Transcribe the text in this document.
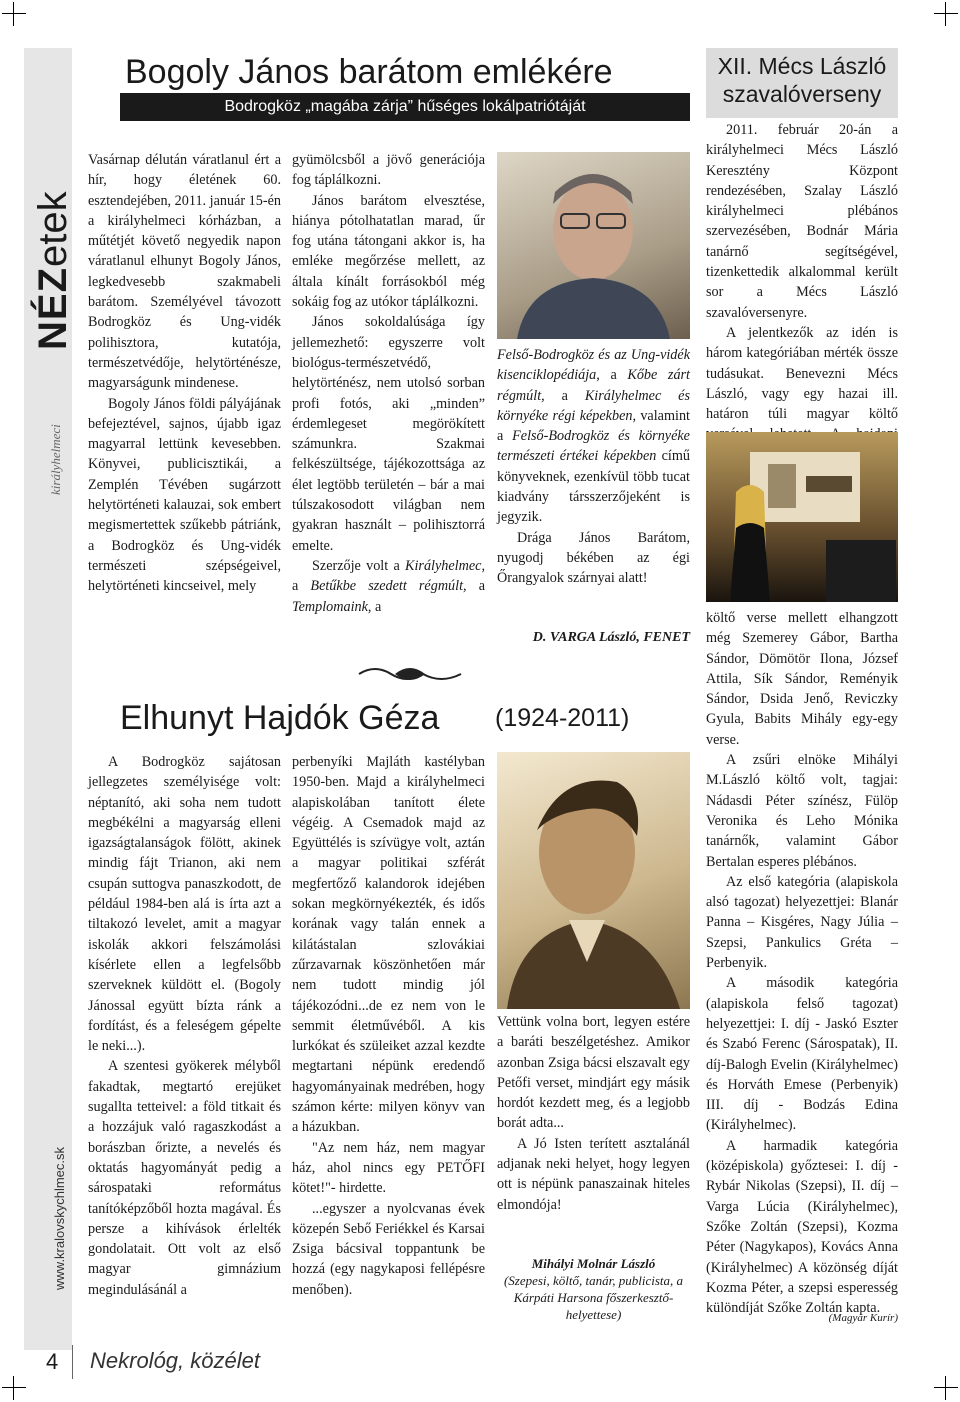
NÉZetek
királyhelmeci
www.kralovskychlmec.sk
Bogoly János barátom emlékére
Bodrogköz „magába zárja” hűséges lokálpatriótáját

Vasárnap délután váratlanul ért a hír, hogy életének 60. esztendejében, 2011. január 15-én a királyhelmeci kórházban, a műtétjét követő negyedik napon váratlanul elhunyt Bogoly János, legkedvesebb szakmabeli barátom. Személyével távozott Bodrogköz és Ung-vidék polihisztora, kutatója, természetvédője, helytörténésze, magyarságunk mindenese.

Bogoly János földi pályájának befejeztével, sajnos, újabb igaz magyarral lettünk kevesebben. Könyvei, publicisztikái, a Zemplén Tévében sugárzott helytörténeti kalauzai, sok embert megismertettek szűkebb pátriánk, a Bodrogköz és Ung-vidék természeti szépségeivel, helytörténeti kincseivel, mely

gyümölcsből a jövő generációja fog táplálkozni.

János barátom elvesztése, hiánya pótolhatatlan marad, űr fog utána tátongani akkor is, ha emléke megőrzése mellett, az általa kínált forrásokból még sokáig fog az utókor táplálkozni.

János sokoldalúsága így jellemezhető: egyszerre volt biológus-természetvédő, helytörténész, nem utolsó sorban profi fotós, aki „minden” érdemlegeset megörökített számunkra. Szakmai felkészültsége, tájékozottsága az élet legtöbb területén – bár a mai túlszakosodott világban nem gyakran használt – polihisztorrá emelte.

Szerzője volt a Királyhelmec, a Betűkbe szedett régmúlt, a Templomaink, a

Felső-Bodrogköz és az Ung-vidék kisenciklopédiája, a Kőbe zárt régmúlt, a Királyhelmec és környéke régi képekben, valamint a Felső-Bodrogköz és környéke természeti értékei képekben című könyveknek, ezenkívül több tucat kiadvány társszerzőjeként is jegyzik.

Drága János Barátom, nyugodj békében az égi Őrangyalok szárnyai alatt!

D. VARGA László, FENET
XII. Mécs László
szavalóverseny

2011. február 20-án a királyhelmeci Mécs László Keresztény Központ rendezésében, Szalay László királyhelmeci plébános szervezésében, Bodnár Mária tanárnő segítségével, tizenkettedik alkalommal került sor a Mécs László szavalóversenyre.

A jelentkezők az idén is három kategóriában mérték össze tudásukat. Benevezni Mécs László, vagy egy hazai ill. határon túli magyar költő

költő verse mellett elhangzott még Szemerey Gábor, Bartha Sándor, Dömötör Ilona, József Attila, Sík Sándor, Reményik Sándor, Dsida Jenő, Reviczky Gyula, Babits Mihály egy-egy verse.

A zsűri elnöke Mihályi M.László költő volt, tagjai: Nádasdi Péter színész, Fülöp Veronika és Leho Mónika tanárnők, valamint Gábor Bertalan esperes plébános.

Az első kategória (alapiskola alsó tagozat) helyezettjei: Blanár Panna – Kisgéres, Nagy Júlia – Szepsi, Pankulics Gréta – Perbenyik.

A második kategória (alapiskola felső tagozat) helyezettjei: I. díj - Jaskó Eszter és Szabó Ferenc (Sárospatak), II. díj-Balogh Evelin (Királyhelmec) és Horváth Emese (Perbenyik) III. díj - Bodzás Edina (Királyhelmec).

A harmadik kategória (középiskola) győztesei: I. díj - Rybár Nikolas (Szepsi), II. díj –Varga Lúcia (Királyhelmec), Szőke Zoltán (Szepsi), Kozma Péter (Nagykapos), Kovács Anna (Királyhelmec) A közönség díját Kozma Péter, a szepsi esperesség különdíját Szőke Zoltán kapta.

(Magyar Kurír)
Elhunyt Hajdók Géza (1924-2011)

A Bodrogköz sajátosan jellegzetes személyisége volt: néptanító, aki soha nem tudott megbékélni a magyarság elleni igazságtalanságok fölött, akinek mindig fájt Trianon, aki nem csupán suttogva panaszkodott, de például 1984-ben alá is írta azt a tiltakozó levelet, amit a magyar iskolák akkori felszámolási kísérlete ellen a legfelsőbb szerveknek küldött el. (Bogoly Jánossal együtt bízta ránk a fordítást, és a feleségem gépelte le neki...).

A szentesi gyökerek mélyből fakadtak, megtartó erejüket sugallta tetteivel: a föld titkait és a hozzájuk való ragaszkodást a borászban őrizte, a nevelés és oktatás hagyományát pedig a sárospataki református tanítóképzőből hozta magával. És persze a kihívások érlelték gondolatait. Ott volt az első magyar gimnázium megindulásánál a

perbenyíki Majláth kastélyban 1950-ben. Majd a királyhelmeci alapiskolában tanított élete végéig. A Csemadok majd az Együttélés is szívügye volt, aztán a magyar politikai szférát megfertőző kalandorok idejében sokan megkörnyékezték, és idős korának vagy talán ennek a kilátástalan szlovákiai zűrzavarnak köszönhetően már nem tudott mindig jól tájékozódni...de ez nem von le semmit életművéből. A kis lurkókat és szüleiket azzal kezdte megtartani népünk eredendő hagyományainak medrében, hogy számon kérte: milyen könyv van a házukban.

"Az nem ház, nem magyar ház, ahol nincs egy PETŐFI kötet!"- hirdette.

...egyszer a nyolcvanas évek közepén Sebő Feriékkel és Karsai Zsiga bácsival toppantunk be hozzá (egy nagykaposi fellépésre menőben).

Vettünk volna bort, legyen estére a baráti beszélgetéshez. Amikor azonban Zsiga bácsi elszavalt egy Petőfi verset, mindjárt egy másik hordót kezdett meg, és a legjobb borát adta...

A Jó Isten terített asztalánál adjanak neki helyet, hogy legyen ott is népünk panaszainak hiteles elmondója!

Mihályi Molnár László
(Szepesi, költő, tanár, publicista, a Kárpáti Harsona főszerkesztő-helyettese)
4 Nekrológ, közélet
